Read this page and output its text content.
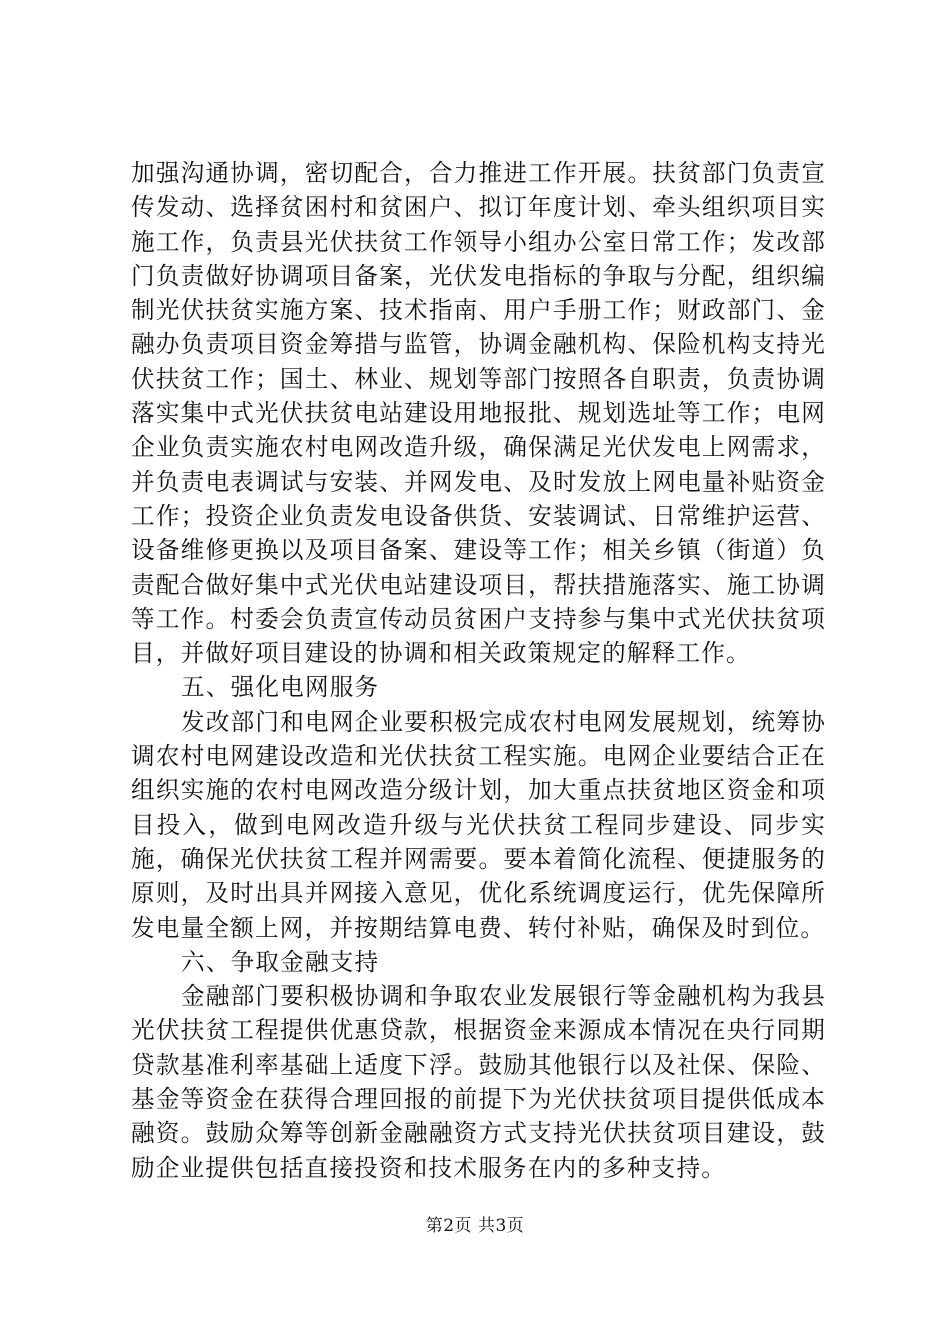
加强沟通协调，密切配合，合力推进工作开展。扶贫部门负责宣传发动、选择贫困村和贫困户、拟订年度计划、牵头组织项目实施工作，负责县光伏扶贫工作领导小组办公室日常工作；发改部门负责做好协调项目备案，光伏发电指标的争取与分配，组织编制光伏扶贫实施方案、技术指南、用户手册工作；财政部门、金融办负责项目资金筹措与监管，协调金融机构、保险机构支持光伏扶贫工作；国土、林业、规划等部门按照各自职责，负责协调落实集中式光伏扶贫电站建设用地报批、规划选址等工作；电网企业负责实施农村电网改造升级，确保满足光伏发电上网需求，并负责电表调试与安装、并网发电、及时发放上网电量补贴资金工作；投资企业负责发电设备供货、安装调试、日常维护运营、设备维修更换以及项目备案、建设等工作；相关乡镇（街道）负责配合做好集中式光伏电站建设项目，帮扶措施落实、施工协调等工作。村委会负责宣传动员贫困户支持参与集中式光伏扶贫项目，并做好项目建设的协调和相关政策规定的解释工作。

五、强化电网服务

发改部门和电网企业要积极完成农村电网发展规划，统筹协调农村电网建设改造和光伏扶贫工程实施。电网企业要结合正在组织实施的农村电网改造分级计划，加大重点扶贫地区资金和项目投入，做到电网改造升级与光伏扶贫工程同步建设、同步实施，确保光伏扶贫工程并网需要。要本着简化流程、便捷服务的原则，及时出具并网接入意见，优化系统调度运行，优先保障所发电量全额上网，并按期结算电费、转付补贴，确保及时到位。

六、争取金融支持

金融部门要积极协调和争取农业发展银行等金融机构为我县光伏扶贫工程提供优惠贷款，根据资金来源成本情况在央行同期贷款基准利率基础上适度下浮。鼓励其他银行以及社保、保险、基金等资金在获得合理回报的前提下为光伏扶贫项目提供低成本融资。鼓励众筹等创新金融融资方式支持光伏扶贫项目建设，鼓励企业提供包括直接投资和技术服务在内的多种支持。

第2页 共3页
